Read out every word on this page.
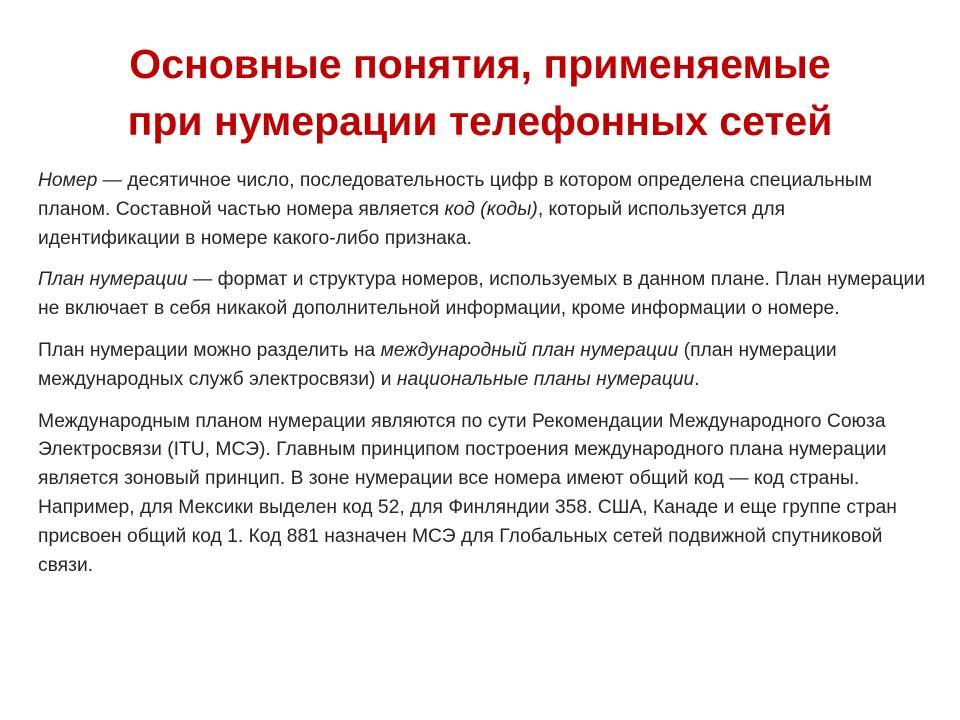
Основные понятия, применяемые
при нумерации телефонных сетей

Номер — десятичное число, последовательность цифр в котором определена специальным планом. Составной частью номера является код (коды), который используется для идентификации в номере какого-либо признака.

План нумерации — формат и структура номеров, используемых в данном плане. План нумерации не включает в себя никакой дополнительной информации, кроме информации о номере.

План нумерации можно разделить на международный план нумерации (план нумерации международных служб электросвязи) и национальные планы нумерации.

Международным планом нумерации являются по сути Рекомендации Международного Союза Электросвязи (ITU, МСЭ). Главным принципом построения международного плана нумерации является зоновый принцип. В зоне нумерации все номера имеют общий код — код страны. Например, для Мексики выделен код 52, для Финляндии 358. США, Канаде и еще группе стран присвоен общий код 1. Код 881 назначен МСЭ для Глобальных сетей подвижной спутниковой связи.
